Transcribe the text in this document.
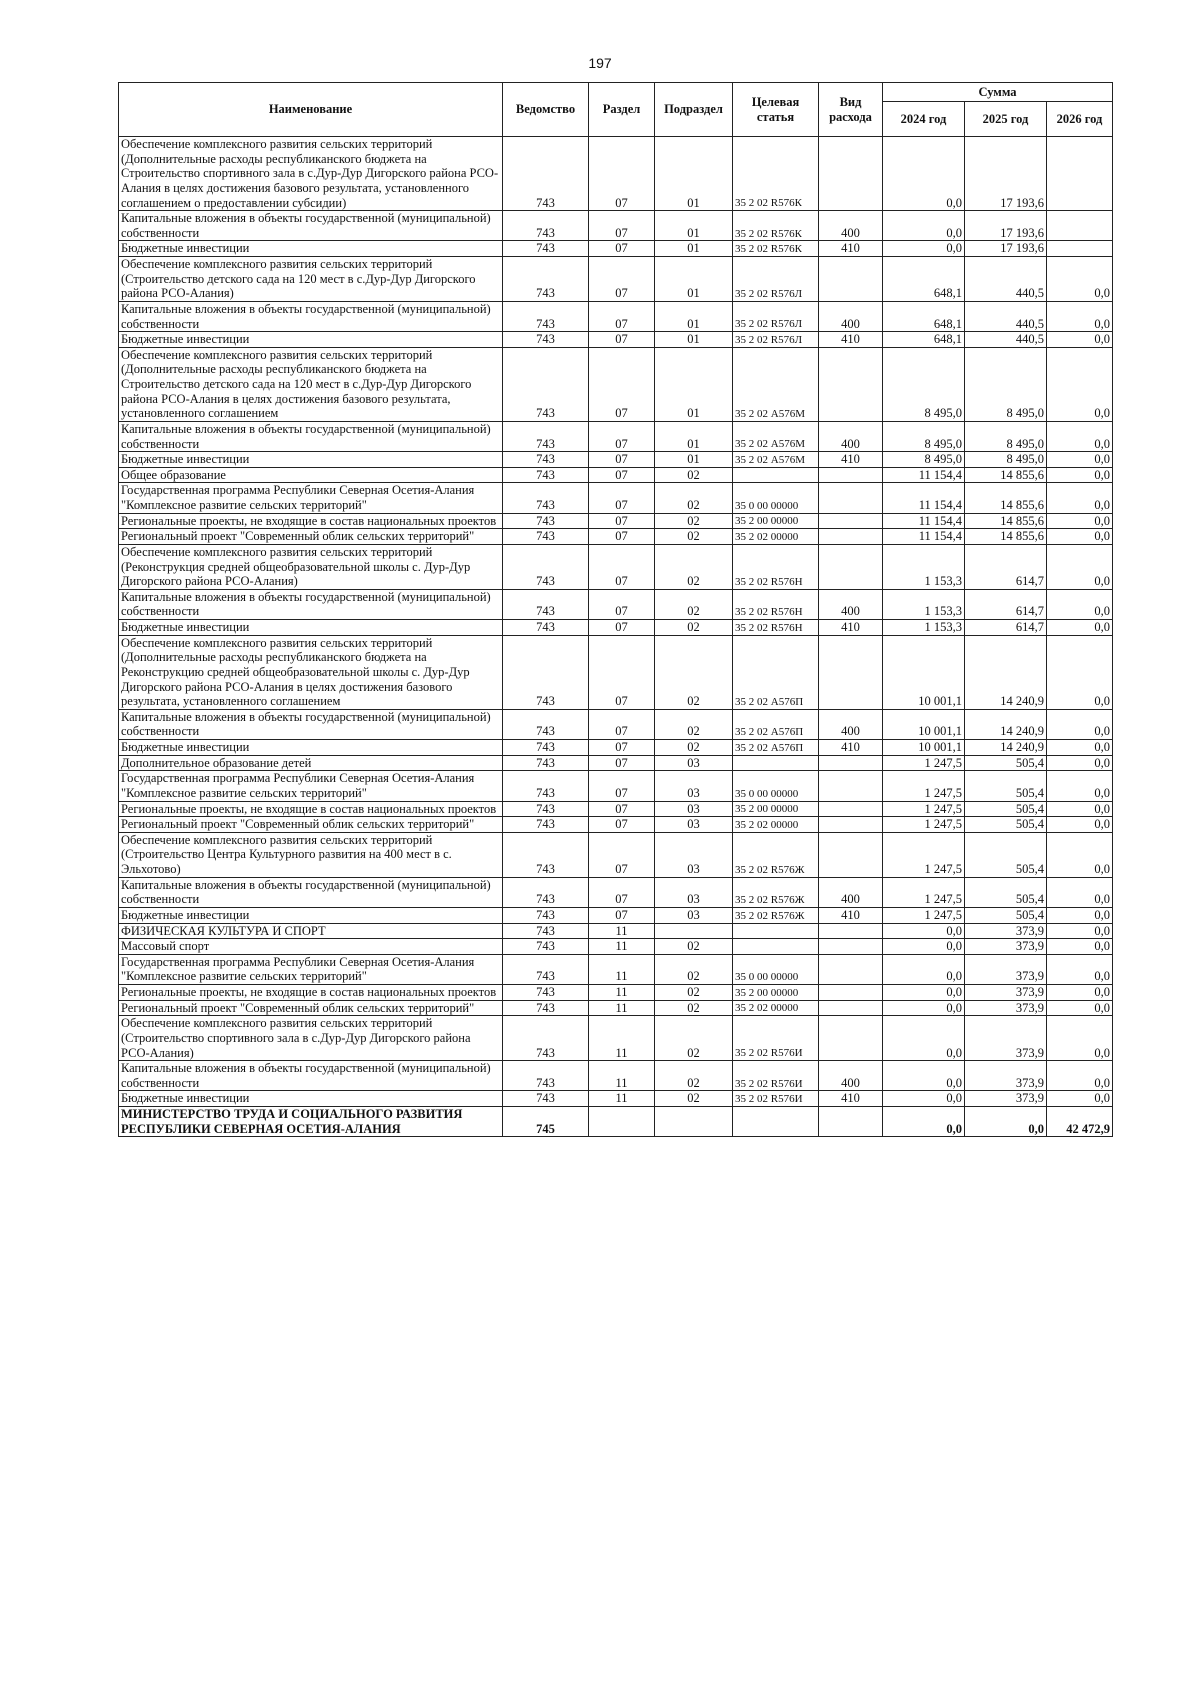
197
Наименование	Ведомство	Раздел	Подраздел	Целевая статья	Вид расхода	Сумма		
						2024 год	2025 год	2026 год
Обеспечение комплексного развития сельских территорий (Дополнительные расходы республиканского бюджета на Строительство спортивного зала в с.Дур-Дур Дигорского района РСО-Алания в целях достижения базового результата, установленного соглашением о предоставлении субсидии)	743	07	01	35 2 02 R576К		0,0	17 193,6	
Капитальные вложения в объекты государственной (муниципальной) собственности	743	07	01	35 2 02 R576К	400	0,0	17 193,6	
Бюджетные инвестиции	743	07	01	35 2 02 R576К	410	0,0	17 193,6	
Обеспечение комплексного развития сельских территорий (Строительство детского сада на 120 мест в с.Дур-Дур Дигорского района РСО-Алания)	743	07	01	35 2 02 R576Л		648,1	440,5	0,0
Капитальные вложения в объекты государственной (муниципальной) собственности	743	07	01	35 2 02 R576Л	400	648,1	440,5	0,0
Бюджетные инвестиции	743	07	01	35 2 02 R576Л	410	648,1	440,5	0,0
Обеспечение комплексного развития сельских территорий (Дополнительные расходы республиканского бюджета на Строительство детского сада на 120 мест в с.Дур-Дур Дигорского района РСО-Алания в целях достижения базового результата, установленного соглашением	743	07	01	35 2 02 А576М		8 495,0	8 495,0	0,0
Капитальные вложения в объекты государственной (муниципальной) собственности	743	07	01	35 2 02 А576М	400	8 495,0	8 495,0	0,0
Бюджетные инвестиции	743	07	01	35 2 02 А576М	410	8 495,0	8 495,0	0,0
Общее образование	743	07	02			11 154,4	14 855,6	0,0
Государственная программа Республики Северная Осетия-Алания "Комплексное развитие сельских территорий"	743	07	02	35 0 00 00000		11 154,4	14 855,6	0,0
Региональные проекты, не входящие в состав национальных проектов	743	07	02	35 2 00 00000		11 154,4	14 855,6	0,0
Региональный проект "Современный облик сельских территорий"	743	07	02	35 2 02 00000		11 154,4	14 855,6	0,0
Обеспечение комплексного развития сельских территорий (Реконструкция средней общеобразовательной школы с. Дур-Дур Дигорского района РСО-Алания)	743	07	02	35 2 02 R576Н		1 153,3	614,7	0,0
Капитальные вложения в объекты государственной (муниципальной) собственности	743	07	02	35 2 02 R576Н	400	1 153,3	614,7	0,0
Бюджетные инвестиции	743	07	02	35 2 02 R576Н	410	1 153,3	614,7	0,0
Обеспечение комплексного развития сельских территорий (Дополнительные расходы республиканского бюджета на Реконструкцию средней общеобразовательной школы с. Дур-Дур Дигорского района РСО-Алания в целях достижения базового результата, установленного соглашением	743	07	02	35 2 02 А576П		10 001,1	14 240,9	0,0
Капитальные вложения в объекты государственной (муниципальной) собственности	743	07	02	35 2 02 А576П	400	10 001,1	14 240,9	0,0
Бюджетные инвестиции	743	07	02	35 2 02 А576П	410	10 001,1	14 240,9	0,0
Дополнительное образование детей	743	07	03			1 247,5	505,4	0,0
Государственная программа Республики Северная Осетия-Алания "Комплексное развитие сельских территорий"	743	07	03	35 0 00 00000		1 247,5	505,4	0,0
Региональные проекты, не входящие в состав национальных проектов	743	07	03	35 2 00 00000		1 247,5	505,4	0,0
Региональный проект "Современный облик сельских территорий"	743	07	03	35 2 02 00000		1 247,5	505,4	0,0
Обеспечение комплексного развития сельских территорий (Строительство Центра Культурного развития на 400 мест в с. Эльхотово)	743	07	03	35 2 02 R576Ж		1 247,5	505,4	0,0
Капитальные вложения в объекты государственной (муниципальной) собственности	743	07	03	35 2 02 R576Ж	400	1 247,5	505,4	0,0
Бюджетные инвестиции	743	07	03	35 2 02 R576Ж	410	1 247,5	505,4	0,0
ФИЗИЧЕСКАЯ КУЛЬТУРА И СПОРТ	743	11				0,0	373,9	0,0
Массовый спорт	743	11	02			0,0	373,9	0,0
Государственная программа Республики Северная Осетия-Алания "Комплексное развитие сельских территорий"	743	11	02	35 0 00 00000		0,0	373,9	0,0
Региональные проекты, не входящие в состав национальных проектов	743	11	02	35 2 00 00000		0,0	373,9	0,0
Региональный проект "Современный облик сельских территорий"	743	11	02	35 2 02 00000		0,0	373,9	0,0
Обеспечение комплексного развития сельских территорий (Строительство спортивного зала в с.Дур-Дур Дигорского района РСО-Алания)	743	11	02	35 2 02 R576И		0,0	373,9	0,0
Капитальные вложения в объекты государственной (муниципальной) собственности	743	11	02	35 2 02 R576И	400	0,0	373,9	0,0
Бюджетные инвестиции	743	11	02	35 2 02 R576И	410	0,0	373,9	0,0
МИНИСТЕРСТВО ТРУДА И СОЦИАЛЬНОГО РАЗВИТИЯ РЕСПУБЛИКИ СЕВЕРНАЯ ОСЕТИЯ-АЛАНИЯ	745					0,0	0,0	42 472,9
